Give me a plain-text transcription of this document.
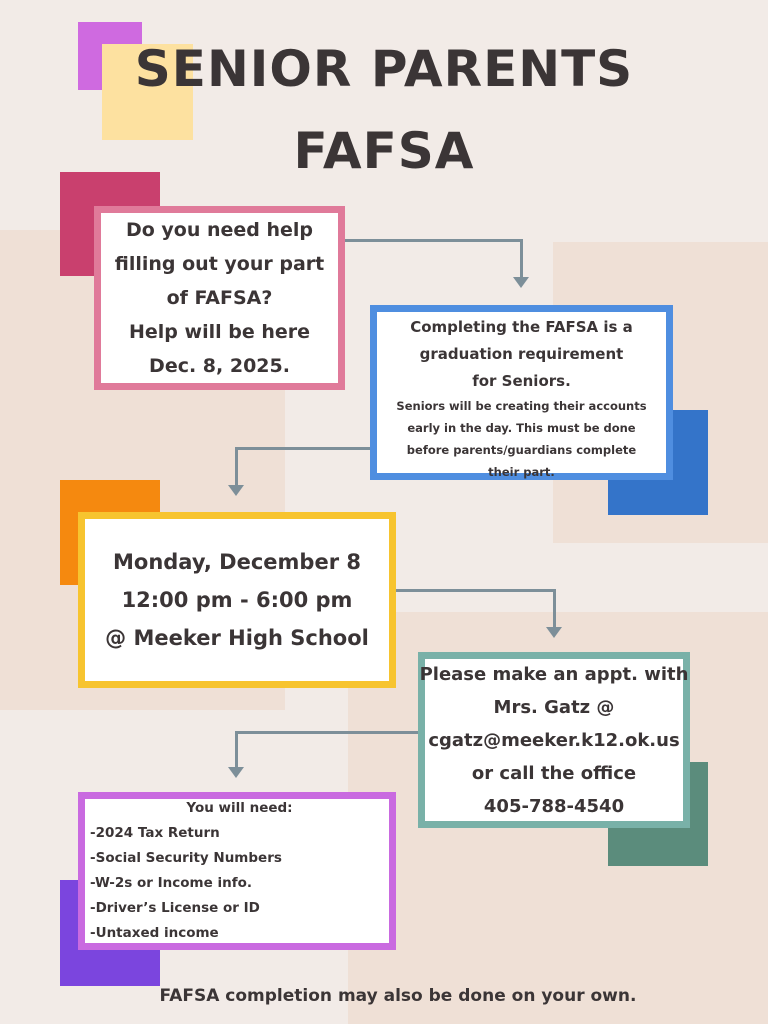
SENIOR PARENTS
FAFSA
Do you need help
filling out your part
of FAFSA?
Help will be here
Dec. 8, 2025.
Completing the FAFSA is a
graduation requirement
for Seniors.
Seniors will be creating their accounts
early in the day. This must be done
before parents/guardians complete
their part.
Monday, December 8
12:00 pm - 6:00 pm
@ Meeker High School
Please make an appt. with
Mrs. Gatz @
cgatz@meeker.k12.ok.us
or call the office
405-788-4540
You will need:
-2024 Tax Return
-Social Security Numbers
-W-2s or Income info.
-Driver’s License or ID
-Untaxed income
FAFSA completion may also be done on your own.
